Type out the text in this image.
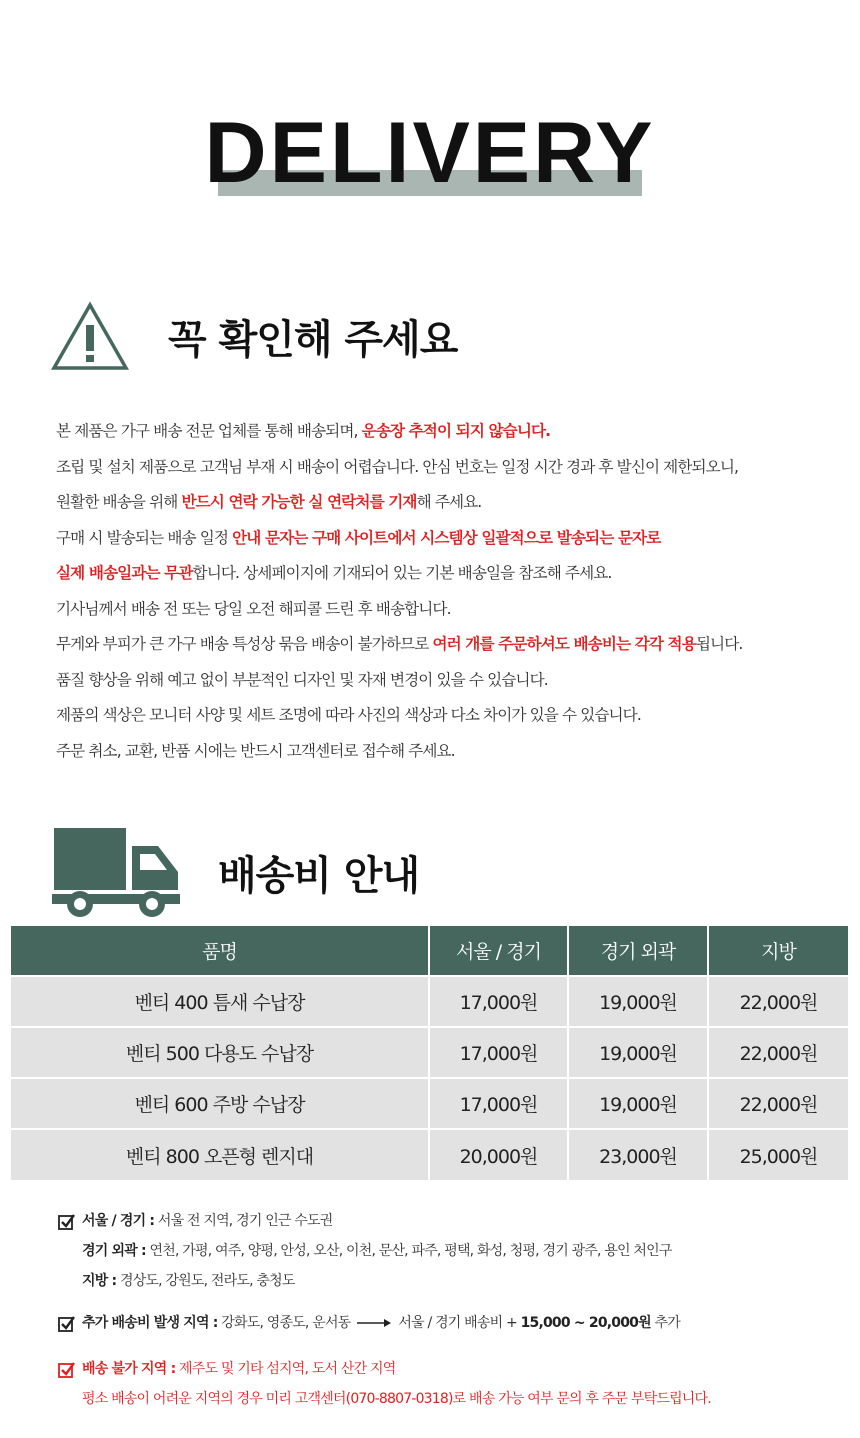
DELIVERY
꼭 확인해 주세요

본 제품은 가구 배송 전문 업체를 통해 배송되며, 운송장 추적이 되지 않습니다.

조립 및 설치 제품으로 고객님 부재 시 배송이 어렵습니다. 안심 번호는 일정 시간 경과 후 발신이 제한되오니,

원활한 배송을 위해 반드시 연락 가능한 실 연락처를 기재해 주세요.

구매 시 발송되는 배송 일정 안내 문자는 구매 사이트에서 시스템상 일괄적으로 발송되는 문자로

실제 배송일과는 무관합니다. 상세페이지에 기재되어 있는 기본 배송일을 참조해 주세요.

기사님께서 배송 전 또는 당일 오전 해피콜 드린 후 배송합니다.

무게와 부피가 큰 가구 배송 특성상 묶음 배송이 불가하므로 여러 개를 주문하셔도 배송비는 각각 적용됩니다.

품질 향상을 위해 예고 없이 부분적인 디자인 및 자재 변경이 있을 수 있습니다.

제품의 색상은 모니터 사양 및 세트 조명에 따라 사진의 색상과 다소 차이가 있을 수 있습니다.

주문 취소, 교환, 반품 시에는 반드시 고객센터로 접수해 주세요.

배송비 안내
품명	서울 / 경기	경기 외곽	지방
벤티 400 틈새 수납장	17,000원	19,000원	22,000원
벤티 500 다용도 수납장	17,000원	19,000원	22,000원
벤티 600 주방 수납장	17,000원	19,000원	22,000원
벤티 800 오픈형 렌지대	20,000원	23,000원	25,000원
서울 / 경기 :
서울 전 지역, 경기 인근 수도권
경기 외곽 :
연천, 가평, 여주, 양평, 안성, 오산, 이천, 문산, 파주, 평택, 화성, 청평, 경기 광주, 용인 처인구
지방 :
경상도, 강원도, 전라도, 충청도
추가 배송비 발생 지역 :
강화도, 영종도, 운서동	서울 / 경기 배송비 +
15,000 ~ 20,000원
추가
배송 불가 지역 :
제주도 및 기타 섬지역, 도서 산간 지역
평소 배송이 어려운 지역의 경우 미리 고객센터(070-8807-0318)로 배송 가능 여부 문의 후 주문 부탁드립니다.
